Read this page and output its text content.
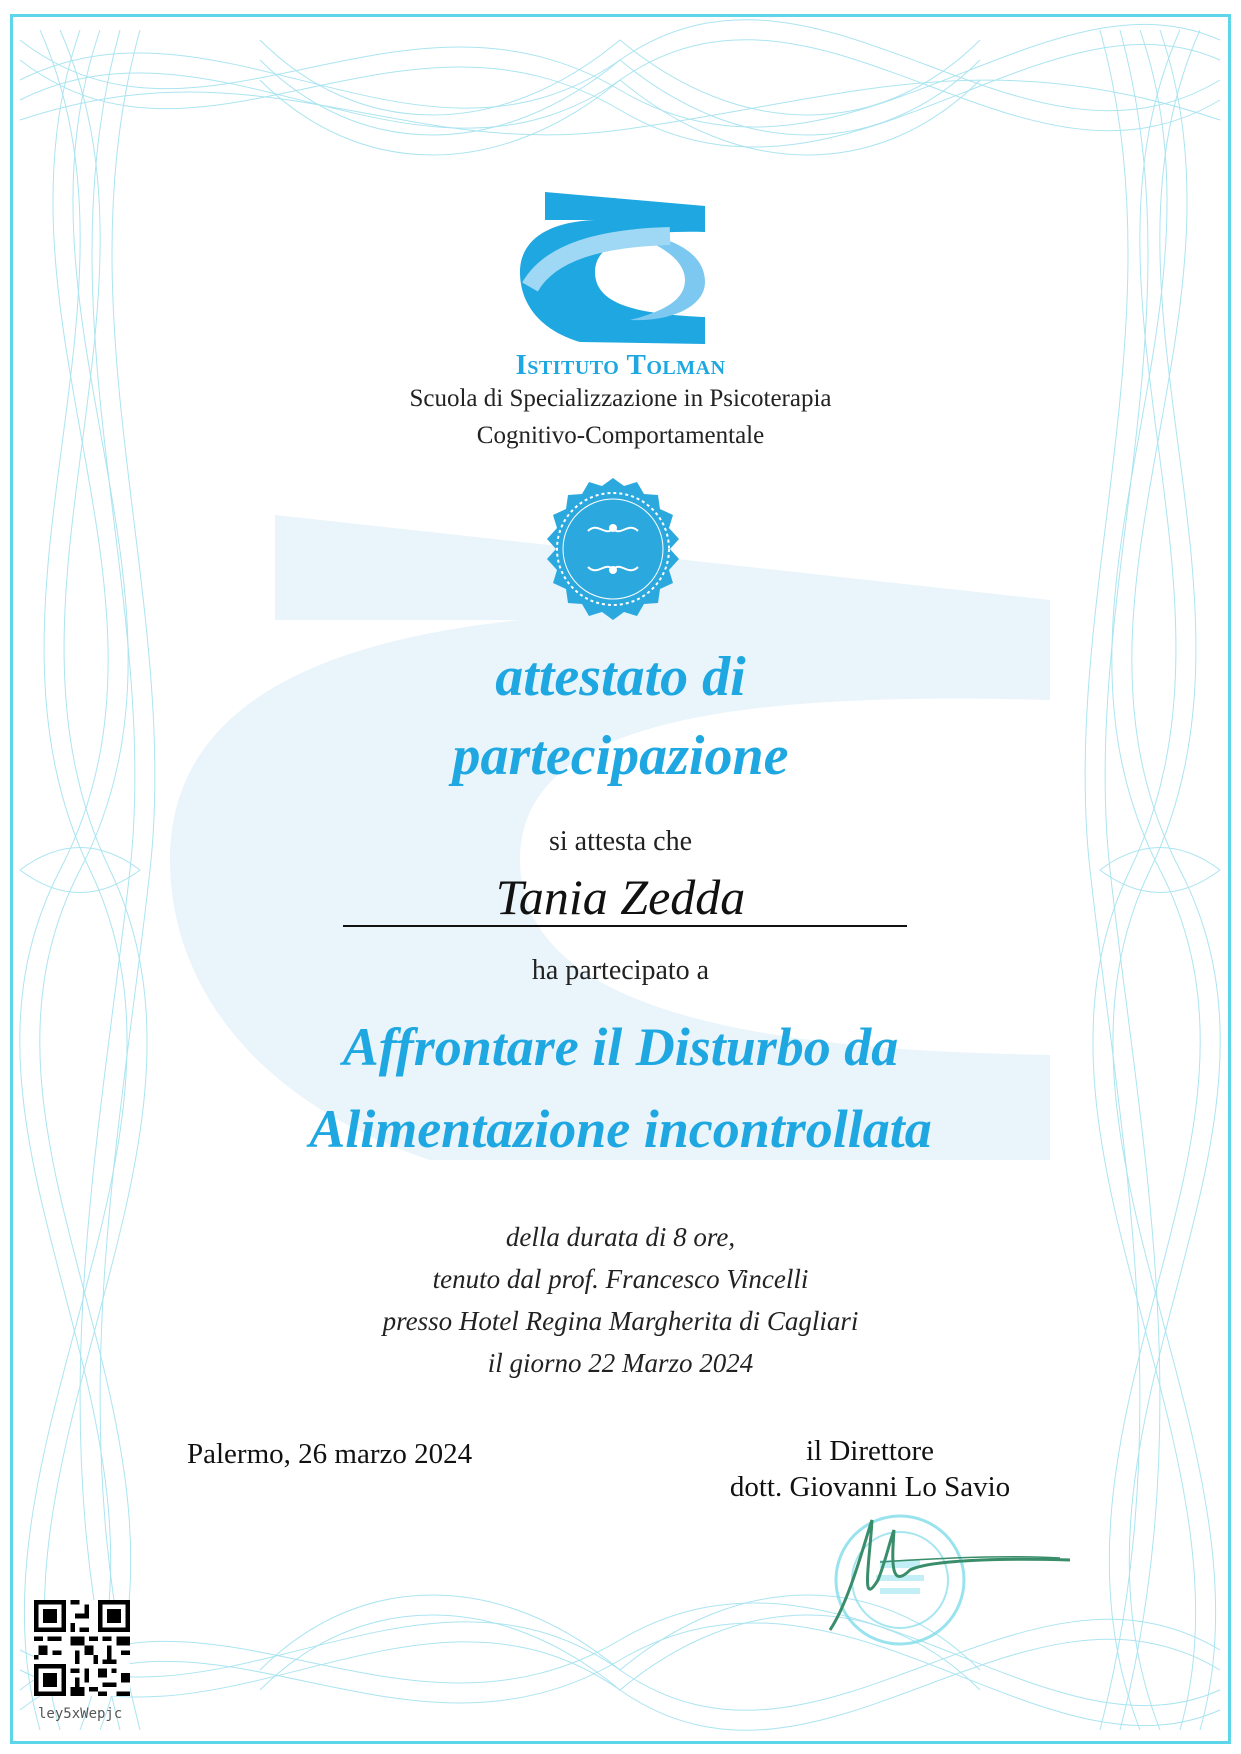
Istituto Tolman
Scuola di Specializzazione in Psicoterapia
Cognitivo-Comportamentale
attestato di
partecipazione
si attesta che
Tania Zedda
ha partecipato a
Affrontare il Disturbo da
Alimentazione incontrollata
della durata di 8 ore,
tenuto dal prof. Francesco Vincelli
presso Hotel Regina Margherita di Cagliari
il giorno 22 Marzo 2024
Palermo, 26 marzo 2024	il Direttore
dott. Giovanni Lo Savio
ley5xWepjc
